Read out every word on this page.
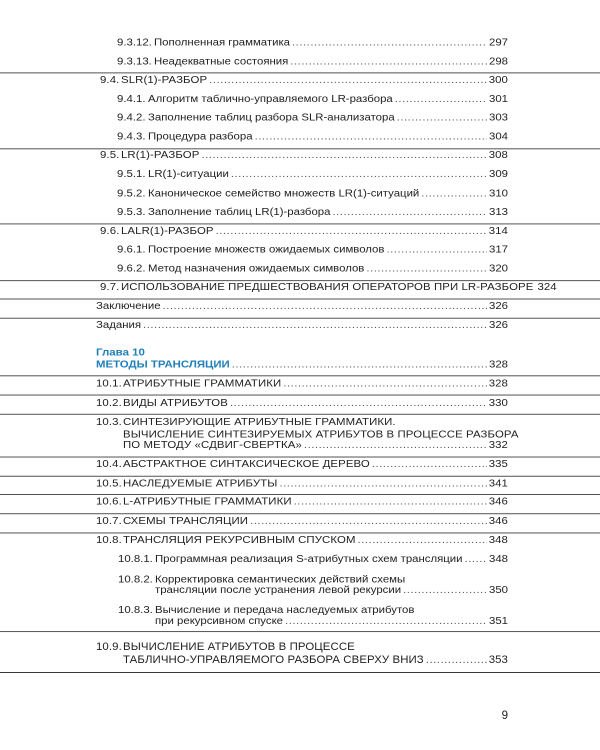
9.3.12. Пополненная грамматика .....	297
9.3.13. Неадекватные состояния .....	298
9.4. SLR(1)-РАЗБОР .....	300
9.4.1. Алгоритм таблично-управляемого LR-разбора .....	301
9.4.2. Заполнение таблиц разбора SLR-анализатора .....	303
9.4.3. Процедура разбора .....	304
9.5. LR(1)-РАЗБОР .....	308
9.5.1. LR(1)-ситуации .....	309
9.5.2. Каноническое семейство множеств LR(1)-ситуаций .....	310
9.5.3. Заполнение таблиц LR(1)-разбора .....	313
9.6. LALR(1)-РАЗБОР .....	314
9.6.1. Построение множеств ожидаемых символов .....	317
9.6.2. Метод назначения ожидаемых символов .....	320
9.7. ИСПОЛЬЗОВАНИЕ ПРЕДШЕСТВОВАНИЯ ОПЕРАТОРОВ ПРИ LR-РАЗБОРЕ 324
Заключение .....	326
Задания .....	326
Глава 10
МЕТОДЫ ТРАНСЛЯЦИИ .....	328
10.1. АТРИБУТНЫЕ ГРАММАТИКИ .....	328
10.2. ВИДЫ АТРИБУТОВ .....	330
10.3. СИНТЕЗИРУЮЩИЕ АТРИБУТНЫЕ ГРАММАТИКИ.
ВЫЧИСЛЕНИЕ СИНТЕЗИРУЕМЫХ АТРИБУТОВ В ПРОЦЕССЕ РАЗБОРА
ПО МЕТОДУ «СДВИГ-СВЕРТКА» .....	332
10.4. АБСТРАКТНОЕ СИНТАКСИЧЕСКОЕ ДЕРЕВО .....	335
10.5. НАСЛЕДУЕМЫЕ АТРИБУТЫ .....	341
10.6. L-АТРИБУТНЫЕ ГРАММАТИКИ .....	346
10.7. СХЕМЫ ТРАНСЛЯЦИИ .....	346
10.8. ТРАНСЛЯЦИЯ РЕКУРСИВНЫМ СПУСКОМ .....	348
10.8.1. Программная реализация S-атрибутных схем трансляции ..... 348
10.8.2. Корректировка семантических действий схемы
трансляции после устранения левой рекурсии .....	350
10.8.3. Вычисление и передача наследуемых атрибутов
при рекурсивном спуске .....	351
10.9. ВЫЧИСЛЕНИЕ АТРИБУТОВ В ПРОЦЕССЕ
ТАБЛИЧНО-УПРАВЛЯЕМОГО РАЗБОРА СВЕРХУ ВНИЗ .....	353
9
